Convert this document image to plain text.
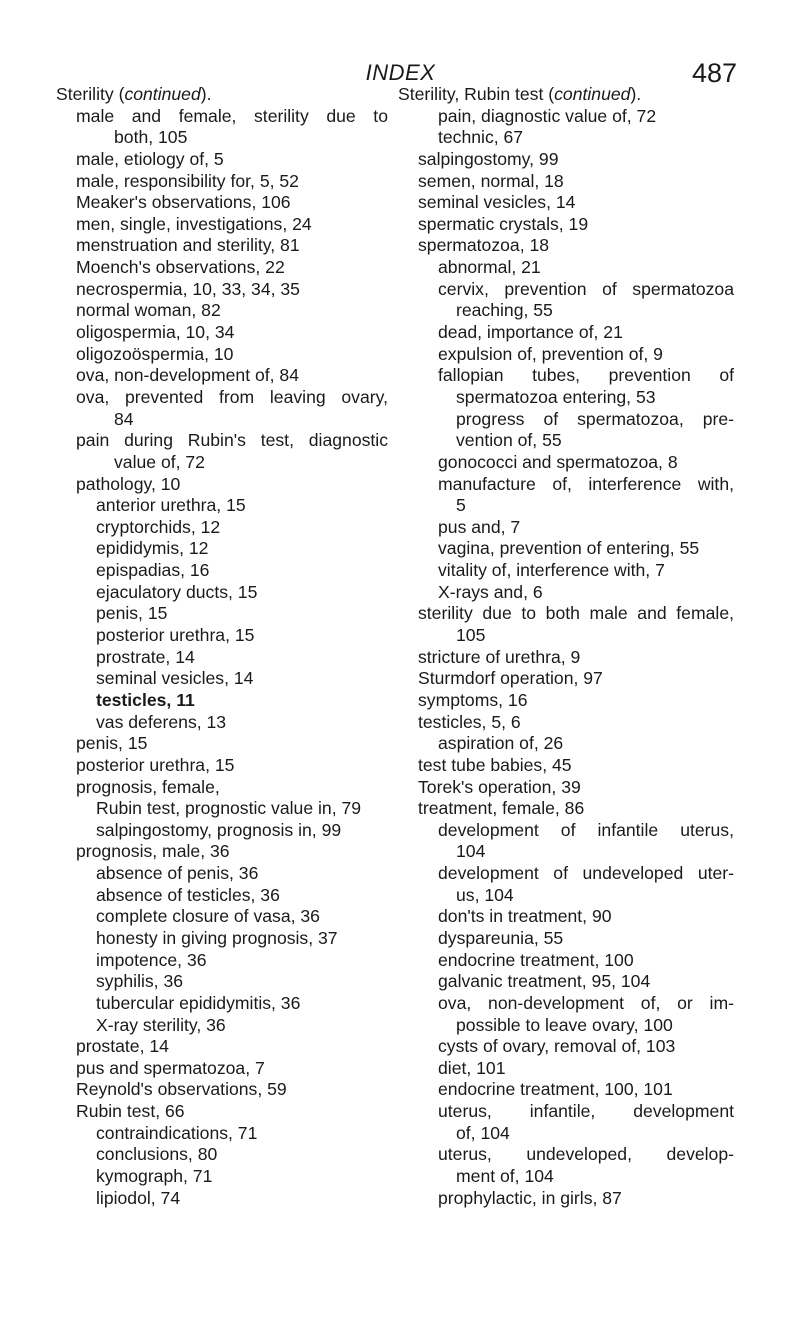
INDEX	487
Sterility (continued).
male and female, sterility due to
both, 105
male, etiology of, 5
male, responsibility for, 5, 52
Meaker's observations, 106
men, single, investigations, 24
menstruation and sterility, 81
Moench's observations, 22
necrospermia, 10, 33, 34, 35
normal woman, 82
oligospermia, 10, 34
oligozoöspermia, 10
ova, non-development of, 84
ova, prevented from leaving ovary,
84
pain during Rubin's test, diagnostic
value of, 72
pathology, 10
anterior urethra, 15
cryptorchids, 12
epididymis, 12
epispadias, 16
ejaculatory ducts, 15
penis, 15
posterior urethra, 15
prostrate, 14
seminal vesicles, 14
testicles, 11
vas deferens, 13
penis, 15
posterior urethra, 15
prognosis, female,
Rubin test, prognostic value in, 79
salpingostomy, prognosis in, 99
prognosis, male, 36
absence of penis, 36
absence of testicles, 36
complete closure of vasa, 36
honesty in giving prognosis, 37
impotence, 36
syphilis, 36
tubercular epididymitis, 36
X-ray sterility, 36
prostate, 14
pus and spermatozoa, 7
Reynold's observations, 59
Rubin test, 66
contraindications, 71
conclusions, 80
kymograph, 71
lipiodol, 74
Sterility, Rubin test (continued).
pain, diagnostic value of, 72
technic, 67
salpingostomy, 99
semen, normal, 18
seminal vesicles, 14
spermatic crystals, 19
spermatozoa, 18
abnormal, 21
cervix, prevention of spermatozoa
reaching, 55
dead, importance of, 21
expulsion of, prevention of, 9
fallopian tubes, prevention of
spermatozoa entering, 53
progress of spermatozoa, pre-
vention of, 55
gonococci and spermatozoa, 8
manufacture of, interference with,
5
pus and, 7
vagina, prevention of entering, 55
vitality of, interference with, 7
X-rays and, 6
sterility due to both male and female,
105
stricture of urethra, 9
Sturmdorf operation, 97
symptoms, 16
testicles, 5, 6
aspiration of, 26
test tube babies, 45
Torek's operation, 39
treatment, female, 86
development of infantile uterus,
104
development of undeveloped uter-
us, 104
don'ts in treatment, 90
dyspareunia, 55
endocrine treatment, 100
galvanic treatment, 95, 104
ova, non-development of, or im-
possible to leave ovary, 100
cysts of ovary, removal of, 103
diet, 101
endocrine treatment, 100, 101
uterus, infantile, development
of, 104
uterus, undeveloped, develop-
ment of, 104
prophylactic, in girls, 87
